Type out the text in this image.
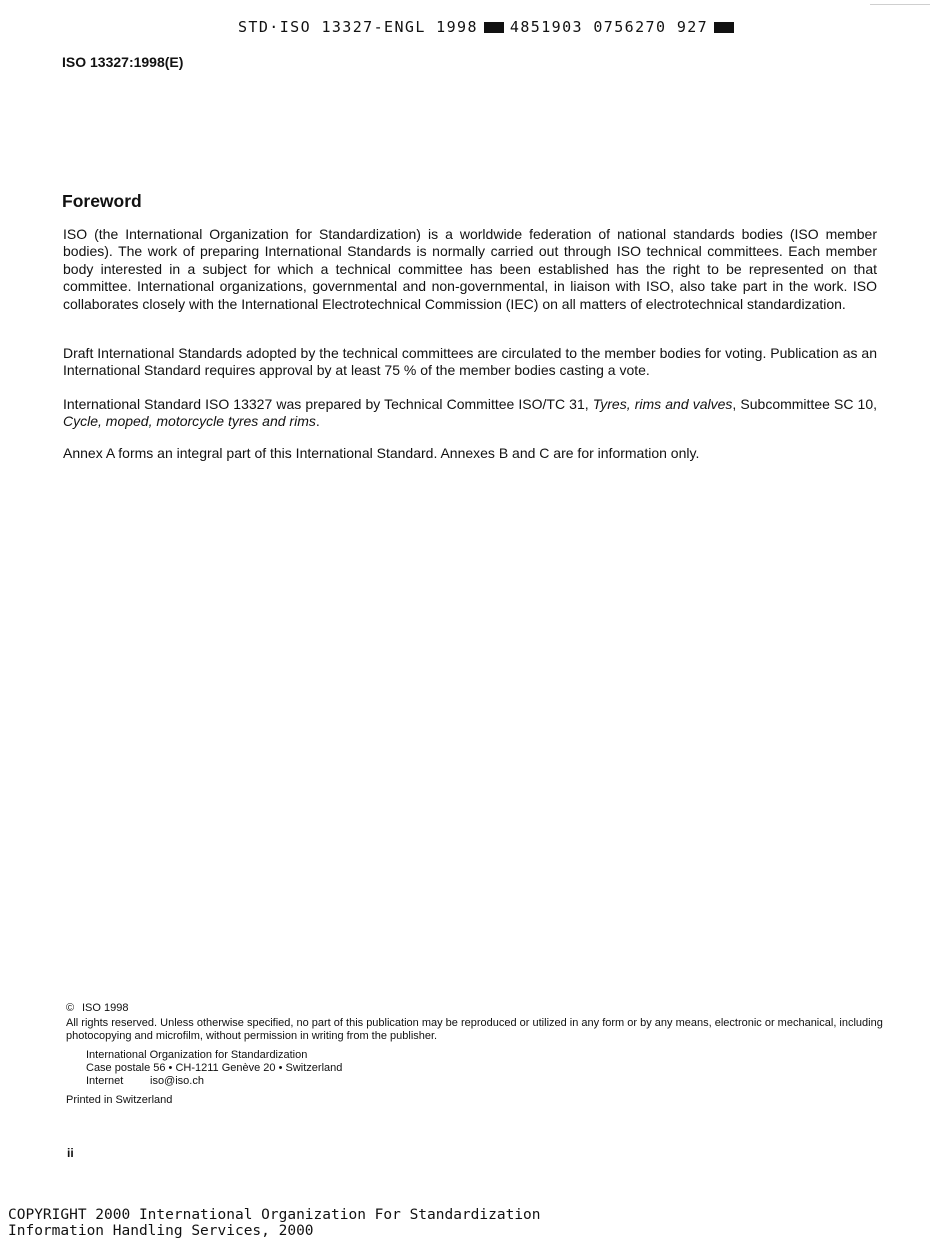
STD·ISO 13327-ENGL 1998 4851903 0756270 927
ISO 13327:1998(E)
Foreword
ISO (the International Organization for Standardization) is a worldwide federation of national standards bodies (ISO member bodies). The work of preparing International Standards is normally carried out through ISO technical committees. Each member body interested in a subject for which a technical committee has been established has the right to be represented on that committee. International organizations, governmental and non-governmental, in liaison with ISO, also take part in the work. ISO collaborates closely with the International Electrotechnical Commission (IEC) on all matters of electrotechnical standardization.
Draft International Standards adopted by the technical committees are circulated to the member bodies for voting. Publication as an International Standard requires approval by at least 75 % of the member bodies casting a vote.
International Standard ISO 13327 was prepared by Technical Committee ISO/TC 31, Tyres, rims and valves, Subcommittee SC 10, Cycle, moped, motorcycle tyres and rims.
Annex A forms an integral part of this International Standard. Annexes B and C are for information only.
© ISO 1998
All rights reserved. Unless otherwise specified, no part of this publication may be reproduced or utilized in any form or by any means, electronic or mechanical, including photocopying and microfilm, without permission in writing from the publisher.
International Organization for Standardization
Case postale 56 • CH-1211 Genève 20 • Switzerland
Internet iso@iso.ch
Printed in Switzerland
ii
COPYRIGHT 2000 International Organization For Standardization
Information Handling Services, 2000
